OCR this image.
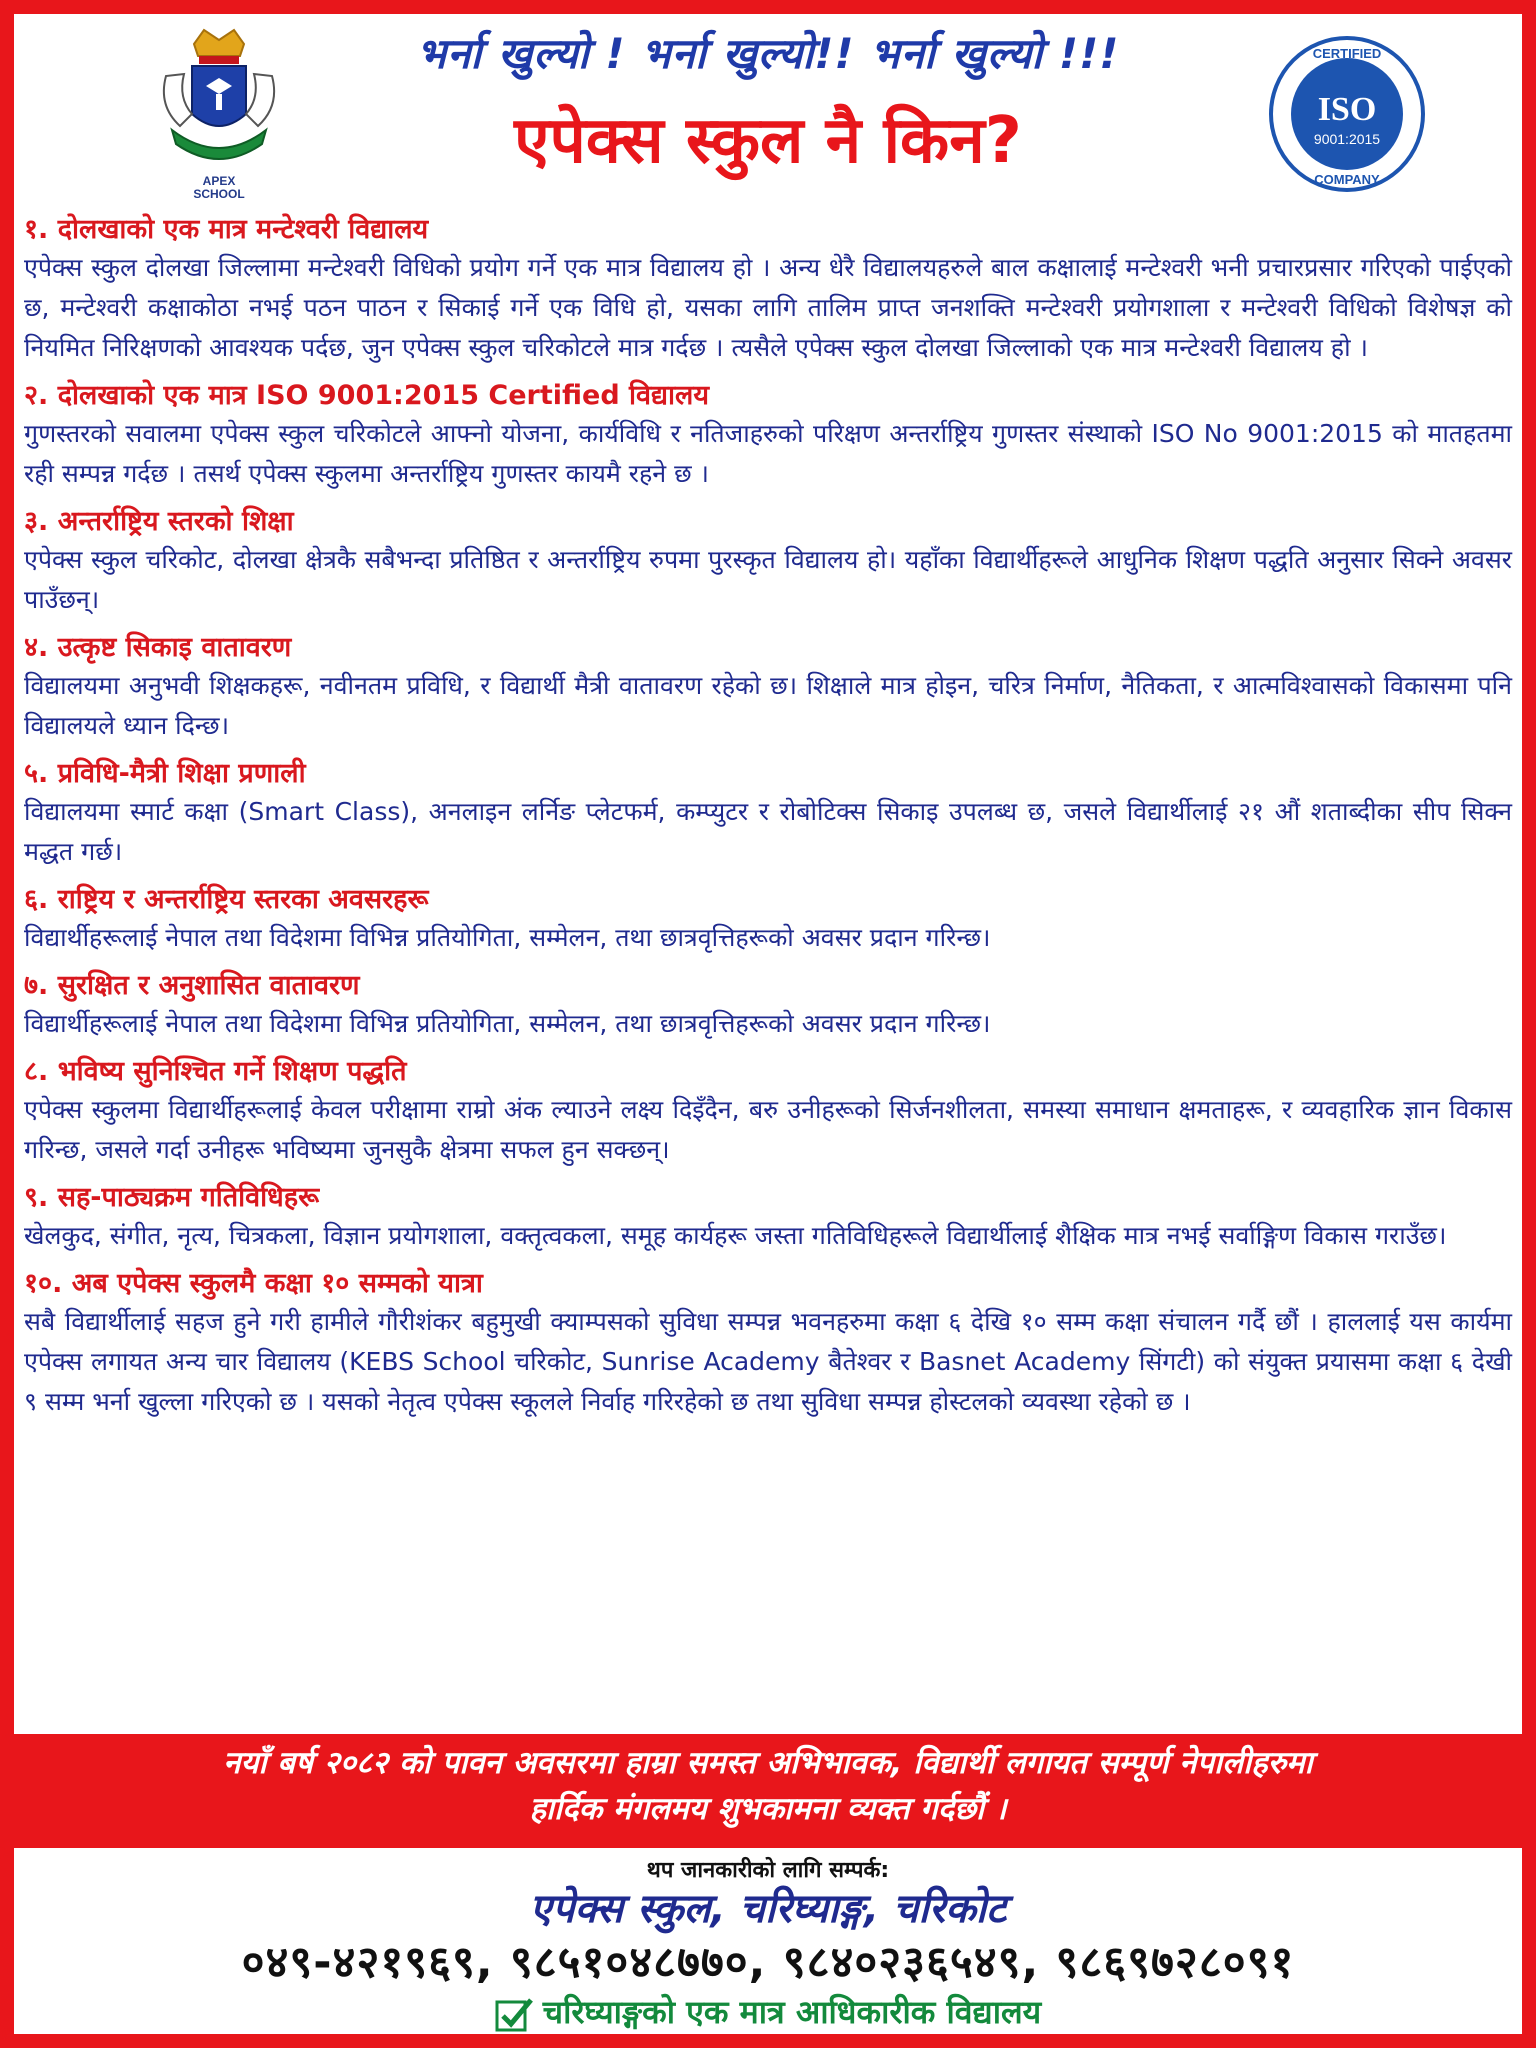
APEX
SCHOOL
भर्ना खुल्यो ! भर्ना खुल्यो!! भर्ना खुल्यो !!!
एपेक्स स्कुल नै किन?
CERTIFIED
ISO
9001:2015
COMPANY
१. दोलखाको एक मात्र मन्टेश्वरी विद्यालय
एपेक्स स्कुल दोलखा जिल्लामा मन्टेश्वरी विधिको प्रयोग गर्ने एक मात्र विद्यालय हो । अन्य धेरै विद्यालयहरुले बाल कक्षालाई मन्टेश्वरी भनी प्रचारप्रसार गरिएको पाईएको छ, मन्टेश्वरी कक्षाकोठा नभई पठन पाठन र सिकाई गर्ने एक विधि हो, यसका लागि तालिम प्राप्त जनशक्ति मन्टेश्वरी प्रयोगशाला र मन्टेश्वरी विधिको विशेषज्ञ को नियमित निरिक्षणको आवश्यक पर्दछ, जुन एपेक्स स्कुल चरिकोटले मात्र गर्दछ । त्यसैले एपेक्स स्कुल दोलखा जिल्लाको एक मात्र मन्टेश्वरी विद्यालय हो ।
२. दोलखाको एक मात्र ISO 9001:2015 Certified विद्यालय
गुणस्तरको सवालमा एपेक्स स्कुल चरिकोटले आफ्नो योजना, कार्यविधि र नतिजाहरुको परिक्षण अन्तर्राष्ट्रिय गुणस्तर संस्थाको ISO No 9001:2015 को मातहतमा रही सम्पन्न गर्दछ । तसर्थ एपेक्स स्कुलमा अन्तर्राष्ट्रिय गुणस्तर कायमै रहने छ ।
३. अन्तर्राष्ट्रिय स्तरको शिक्षा
एपेक्स स्कुल चरिकोट, दोलखा क्षेत्रकै सबैभन्दा प्रतिष्ठित र अन्तर्राष्ट्रिय रुपमा पुरस्कृत विद्यालय हो। यहाँका विद्यार्थीहरूले आधुनिक शिक्षण पद्धति अनुसार सिक्ने अवसर पाउँछन्।
४. उत्कृष्ट सिकाइ वातावरण
विद्यालयमा अनुभवी शिक्षकहरू, नवीनतम प्रविधि, र विद्यार्थी मैत्री वातावरण रहेको छ। शिक्षाले मात्र होइन, चरित्र निर्माण, नैतिकता, र आत्मविश्वासको विकासमा पनि विद्यालयले ध्यान दिन्छ।
५. प्रविधि-मैत्री शिक्षा प्रणाली
विद्यालयमा स्मार्ट कक्षा (Smart Class), अनलाइन लर्निङ प्लेटफर्म, कम्प्युटर र रोबोटिक्स सिकाइ उपलब्ध छ, जसले विद्यार्थीलाई २१ औं शताब्दीका सीप सिक्न मद्धत गर्छ।
६. राष्ट्रिय र अन्तर्राष्ट्रिय स्तरका अवसरहरू
विद्यार्थीहरूलाई नेपाल तथा विदेशमा विभिन्न प्रतियोगिता, सम्मेलन, तथा छात्रवृत्तिहरूको अवसर प्रदान गरिन्छ।
७. सुरक्षित र अनुशासित वातावरण
विद्यार्थीहरूलाई नेपाल तथा विदेशमा विभिन्न प्रतियोगिता, सम्मेलन, तथा छात्रवृत्तिहरूको अवसर प्रदान गरिन्छ।
८. भविष्य सुनिश्चित गर्ने शिक्षण पद्धति
एपेक्स स्कुलमा विद्यार्थीहरूलाई केवल परीक्षामा राम्रो अंक ल्याउने लक्ष्य दिइँदैन, बरु उनीहरूको सिर्जनशीलता, समस्या समाधान क्षमताहरू, र व्यवहारिक ज्ञान विकास गरिन्छ, जसले गर्दा उनीहरू भविष्यमा जुनसुकै क्षेत्रमा सफल हुन सक्छन्।
९. सह-पाठ्यक्रम गतिविधिहरू
खेलकुद, संगीत, नृत्य, चित्रकला, विज्ञान प्रयोगशाला, वक्तृत्वकला, समूह कार्यहरू जस्ता गतिविधिहरूले विद्यार्थीलाई शैक्षिक मात्र नभई सर्वाङ्गिण विकास गराउँछ।
१०. अब एपेक्स स्कुलमै कक्षा १० सम्मको यात्रा
सबै विद्यार्थीलाई सहज हुने गरी हामीले गौरीशंकर बहुमुखी क्याम्पसको सुविधा सम्पन्न भवनहरुमा कक्षा ६ देखि १० सम्म कक्षा संचालन गर्दै छौं । हाललाई यस कार्यमा एपेक्स लगायत अन्य चार विद्यालय (KEBS School चरिकोट, Sunrise Academy बैतेश्वर र Basnet Academy सिंगटी) को संयुक्त प्रयासमा कक्षा ६ देखी ९ सम्म भर्ना खुल्ला गरिएको छ । यसको नेतृत्व एपेक्स स्कूलले निर्वाह गरिरहेको छ तथा सुविधा सम्पन्न होस्टलको व्यवस्था रहेको छ ।
नयाँ बर्ष २०८२ को पावन अवसरमा हाम्रा समस्त अभिभावक, विद्यार्थी लगायत सम्पूर्ण नेपालीहरुमा
हार्दिक मंगलमय शुभकामना व्यक्त गर्दछौं ।
थप जानकारीको लागि सम्पर्क:
एपेक्स स्कुल, चरिघ्याङ्ग, चरिकोट
०४९-४२१९६९, ९८५१०४८७७०, ९८४०२३६५४९, ९८६९७२८०९१
चरिघ्याङ्गको एक मात्र आधिकारीक विद्यालय
